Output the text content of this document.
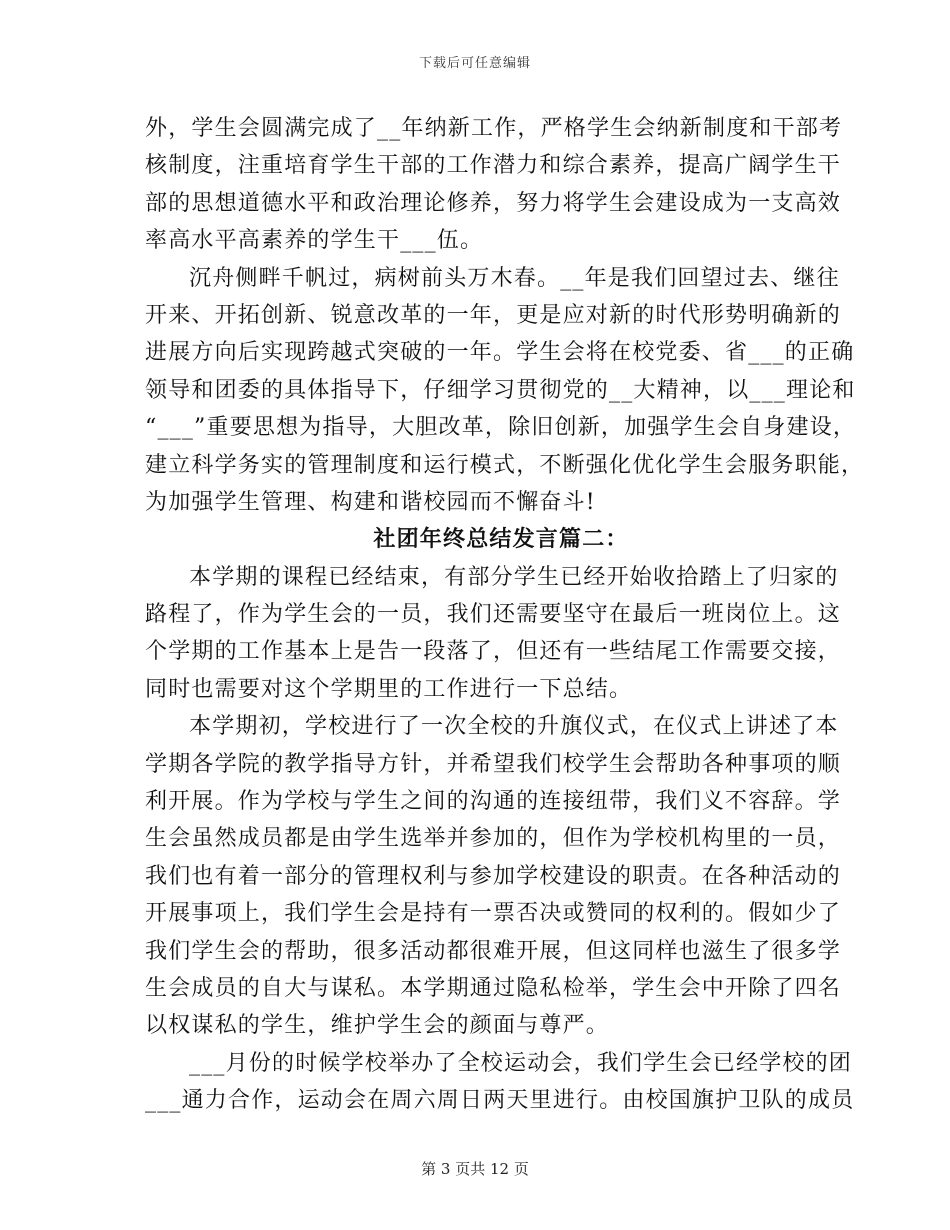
下载后可任意编辑
外，学生会圆满完成了__年纳新工作，严格学生会纳新制度和干部考
核制度，注重培育学生干部的工作潜力和综合素养，提高广阔学生干
部的思想道德水平和政治理论修养，努力将学生会建设成为一支高效
率高水平高素养的学生干___伍。
沉舟侧畔千帆过，病树前头万木春。__年是我们回望过去、继往
开来、开拓创新、锐意改革的一年，更是应对新的时代形势明确新的
进展方向后实现跨越式突破的一年。学生会将在校党委、省___的正确
领导和团委的具体指导下，仔细学习贯彻党的__大精神，以___理论和
“___”重要思想为指导，大胆改革，除旧创新，加强学生会自身建设，
建立科学务实的管理制度和运行模式，不断强化优化学生会服务职能，
为加强学生管理、构建和谐校园而不懈奋斗!
社团年终总结发言篇二：
本学期的课程已经结束，有部分学生已经开始收拾踏上了归家的
路程了，作为学生会的一员，我们还需要坚守在最后一班岗位上。这
个学期的工作基本上是告一段落了，但还有一些结尾工作需要交接，
同时也需要对这个学期里的工作进行一下总结。
本学期初，学校进行了一次全校的升旗仪式，在仪式上讲述了本
学期各学院的教学指导方针，并希望我们校学生会帮助各种事项的顺
利开展。作为学校与学生之间的沟通的连接纽带，我们义不容辞。学
生会虽然成员都是由学生选举并参加的，但作为学校机构里的一员，
我们也有着一部分的管理权利与参加学校建设的职责。在各种活动的
开展事项上，我们学生会是持有一票否决或赞同的权利的。假如少了
我们学生会的帮助，很多活动都很难开展，但这同样也滋生了很多学
生会成员的自大与谋私。本学期通过隐私检举，学生会中开除了四名
以权谋私的学生，维护学生会的颜面与尊严。
___月份的时候学校举办了全校运动会，我们学生会已经学校的团
___通力合作，运动会在周六周日两天里进行。由校国旗护卫队的成员
第 3 页共 12 页
